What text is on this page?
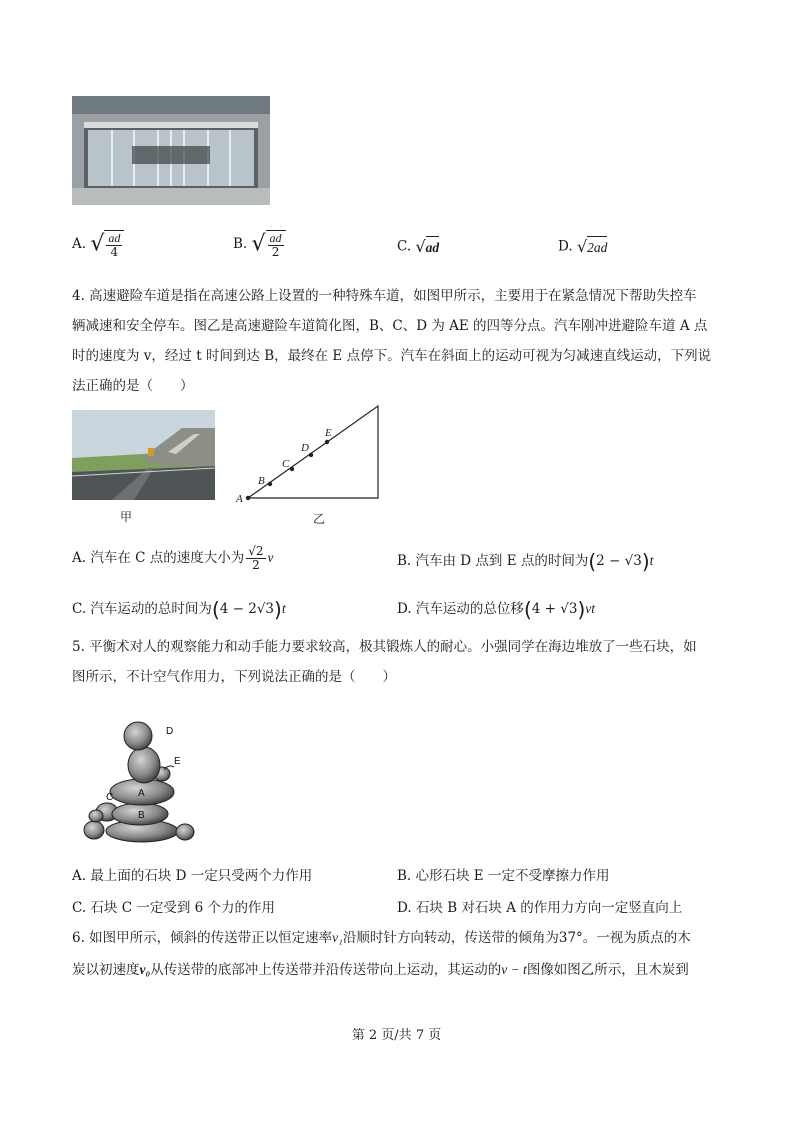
A. √ $\frac{ad}{4}$	B. √ $\frac{ad}{2}$	C. √ad	D. √2ad
4. 高速避险车道是指在高速公路上设置的一种特殊车道，如图甲所示，主要用于在紧急情况下帮助失控车
辆减速和安全停车。图乙是高速避险车道简化图，B、C、D 为 AE 的四等分点。汽车刚冲进避险车道 A 点
时的速度为 v，经过 t 时间到达 B，最终在 E 点停下。汽车在斜面上的运动可视为匀减速直线运动，下列说
法正确的是（　　）
甲
A
B
C
D
E
乙
A. 汽车在 C 点的速度大小为 $\frac{√2}{2}$ v	B. 汽车由 D 点到 E 点的时间为(2 − √3)t
C. 汽车运动的总时间为(4 − 2√3)t	D. 汽车运动的总位移(4 + √3)vt
5. 平衡术对人的观察能力和动手能力要求较高，极其锻炼人的耐心。小强同学在海边堆放了一些石块，如
图所示，不计空气作用力，下列说法正确的是（　　）
D
E
A
B
C
A. 最上面的石块 D 一定只受两个力作用	B. 心形石块 E 一定不受摩擦力作用
C. 石块 C 一定受到 6 个力的作用	D. 石块 B 对石块 A 的作用力方向一定竖直向上
6. 如图甲所示，倾斜的传送带正以恒定速率v₁沿顺时针方向转动，传送带的倾角为37°。一视为质点的木
炭以初速度v₀从传送带的底部冲上传送带并沿传送带向上运动，其运动的v − t图像如图乙所示，且木炭到
第 2 页/共 7 页
